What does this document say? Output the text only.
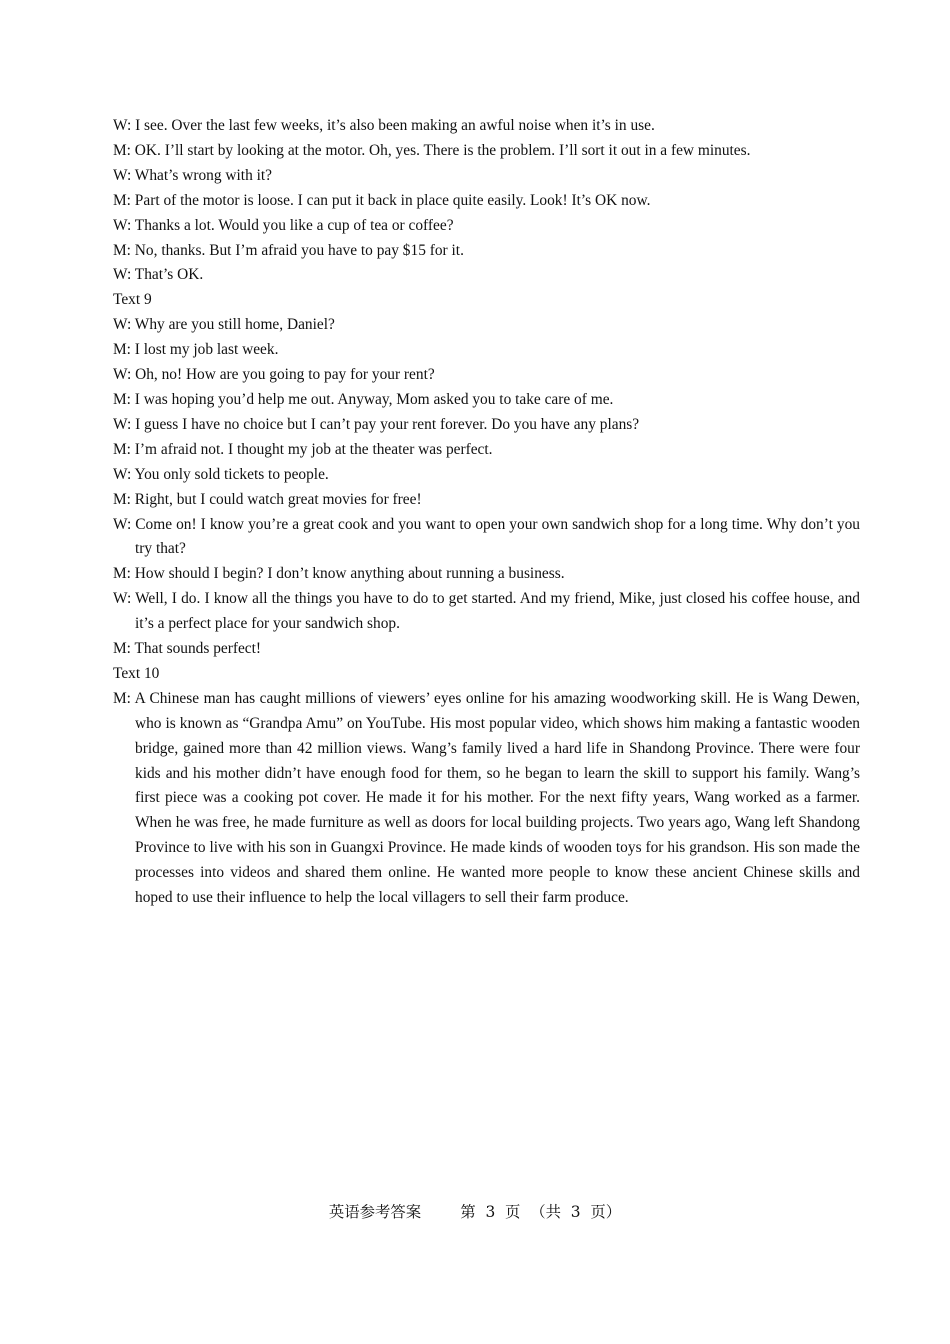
W: I see. Over the last few weeks, it’s also been making an awful noise when it’s in use.

M: OK. I’ll start by looking at the motor. Oh, yes. There is the problem. I’ll sort it out in a few minutes.

W: What’s wrong with it?

M: Part of the motor is loose. I can put it back in place quite easily. Look! It’s OK now.

W: Thanks a lot. Would you like a cup of tea or coffee?

M: No, thanks. But I’m afraid you have to pay $15 for it.

W: That’s OK.

Text 9

W: Why are you still home, Daniel?

M: I lost my job last week.

W: Oh, no! How are you going to pay for your rent?

M: I was hoping you’d help me out. Anyway, Mom asked you to take care of me.

W: I guess I have no choice but I can’t pay your rent forever. Do you have any plans?

M: I’m afraid not. I thought my job at the theater was perfect.

W: You only sold tickets to people.

M: Right, but I could watch great movies for free!

W: Come on! I know you’re a great cook and you want to open your own sandwich shop for a long time. Why don’t you try that?

M: How should I begin? I don’t know anything about running a business.

W: Well, I do. I know all the things you have to do to get started. And my friend, Mike, just closed his coffee house, and it’s a perfect place for your sandwich shop.

M: That sounds perfect!

Text 10

M: A Chinese man has caught millions of viewers’ eyes online for his amazing woodworking skill. He is Wang Dewen, who is known as “Grandpa Amu” on YouTube. His most popular video, which shows him making a fantastic wooden bridge, gained more than 42 million views. Wang’s family lived a hard life in Shandong Province. There were four kids and his mother didn’t have enough food for them, so he began to learn the skill to support his family. Wang’s first piece was a cooking pot cover. He made it for his mother. For the next fifty years, Wang worked as a farmer. When he was free, he made furniture as well as doors for local building projects. Two years ago, Wang left Shandong Province to live with his son in Guangxi Province. He made kinds of wooden toys for his grandson. His son made the processes into videos and shared them online. He wanted more people to know these ancient Chinese skills and hoped to use their influence to help the local villagers to sell their farm produce.

英语参考答案        第  3  页  （共  3  页）
